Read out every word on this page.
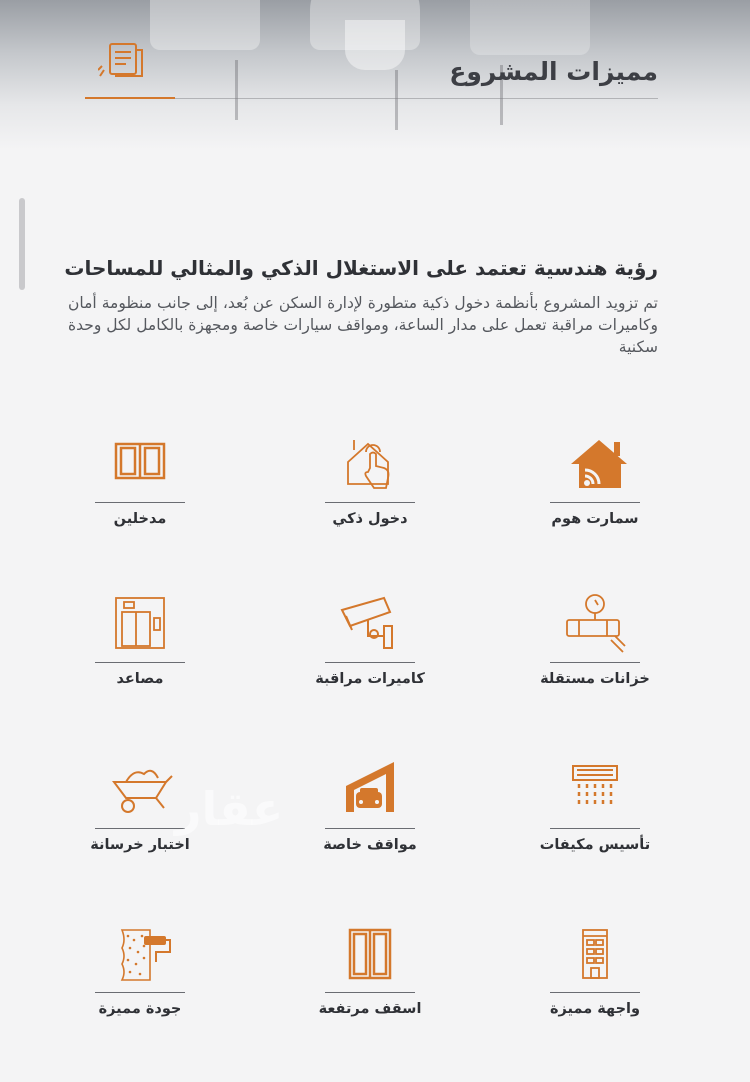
مميزات المشروع
رؤية هندسية تعتمد على الاستغلال الذكي والمثالي للمساحات
تم تزويد المشروع بأنظمة دخول ذكية متطورة لإدارة السكن عن بُعد، إلى جانب منظومة أمان وكاميرات مراقبة تعمل على مدار الساعة، ومواقف سيارات خاصة ومجهزة بالكامل لكل وحدة سكنية
سمارت هوم
دخول ذكي
مدخلين
خزانات مستقلة
كاميرات مراقبة
مصاعد
تأسيس مكيفات
مواقف خاصة
اختبار خرسانة
واجهة مميزة
اسقف مرتفعة
جودة مميزة
عقار
